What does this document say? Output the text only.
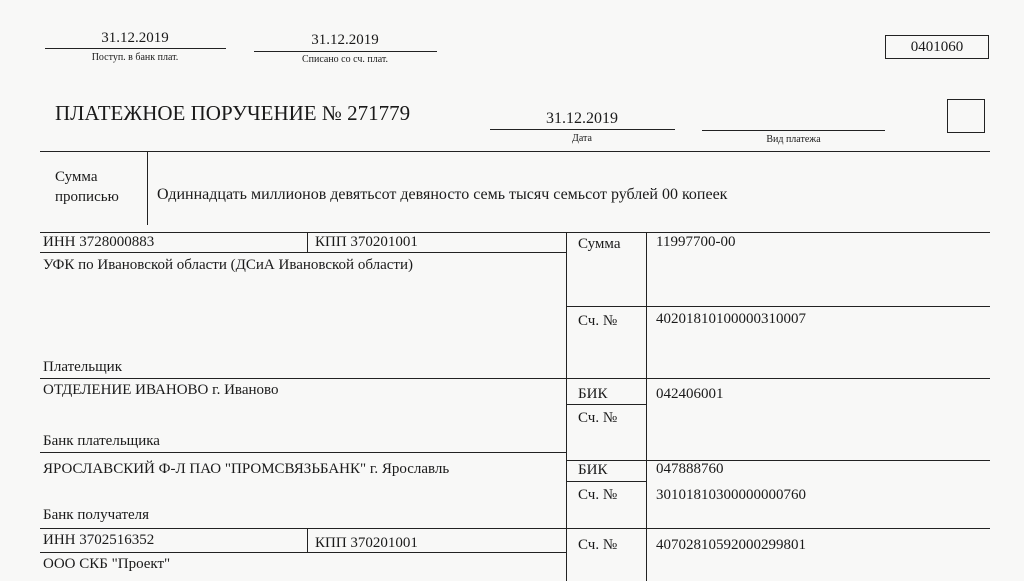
31.12.2019
Поступ. в банк плат.
31.12.2019
Списано со сч. плат.
0401060
ПЛАТЕЖНОЕ ПОРУЧЕНИЕ № 271779	31.12.2019
Дата	Вид платежа
Сумма
прописью Одиннадцать миллионов девятьсот девяносто семь тысяч семьсот рублей 00 копеек
ИНН 3728000883	КПП 370201001
УФК по Ивановской области (ДСиА Ивановской области)
Плательщик
ОТДЕЛЕНИЕ ИВАНОВО г. Иваново
Банк плательщика
ЯРОСЛАВСКИЙ Ф-Л ПАО "ПРОМСВЯЗЬБАНК" г. Ярославль
Банк получателя
ИНН 3702516352	КПП 370201001
ООО СКБ "Проект"
Сумма 11997700-00
Сч. №	40201810100000310007
БИК	042406001
Сч. №
БИК	047888760
Сч. №	30101810300000000760
Сч. №	40702810592000299801
